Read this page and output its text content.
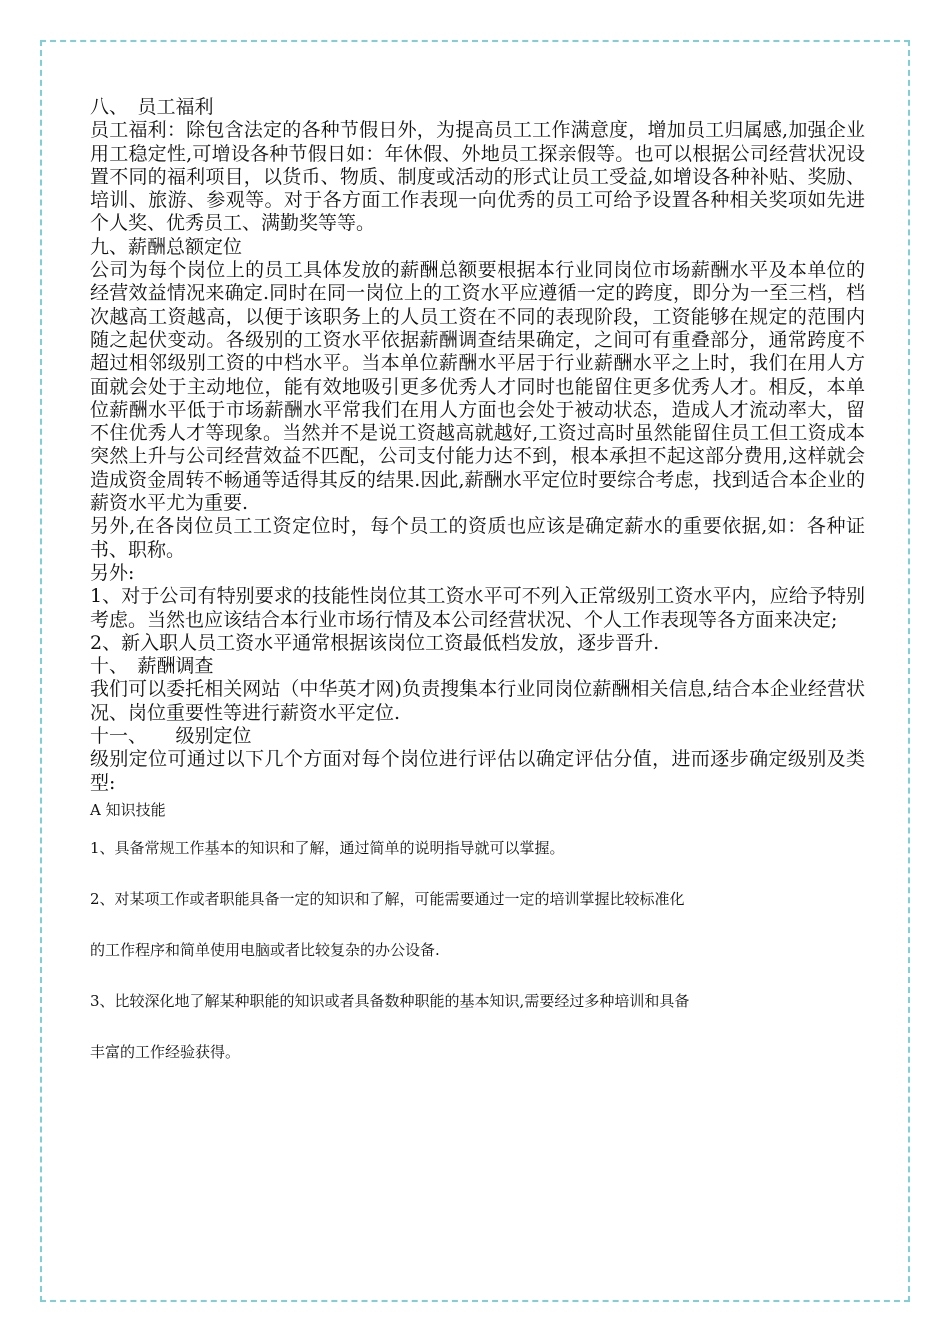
八、　员工福利

员工福利：除包含法定的各种节假日外，为提高员工工作满意度，增加员工归属感,加强企业用工稳定性,可增设各种节假日如：年休假、外地员工探亲假等。也可以根据公司经营状况设置不同的福利项目，以货币、物质、制度或活动的形式让员工受益,如增设各种补贴、奖励、培训、旅游、参观等。对于各方面工作表现一向优秀的员工可给予设置各种相关奖项如先进个人奖、优秀员工、满勤奖等等。

九、薪酬总额定位

公司为每个岗位上的员工具体发放的薪酬总额要根据本行业同岗位市场薪酬水平及本单位的经营效益情况来确定.同时在同一岗位上的工资水平应遵循一定的跨度，即分为一至三档，档次越高工资越高，以便于该职务上的人员工资在不同的表现阶段，工资能够在规定的范围内随之起伏变动。各级别的工资水平依据薪酬调查结果确定，之间可有重叠部分，通常跨度不超过相邻级别工资的中档水平。当本单位薪酬水平居于行业薪酬水平之上时，我们在用人方面就会处于主动地位，能有效地吸引更多优秀人才同时也能留住更多优秀人才。相反，本单位薪酬水平低于市场薪酬水平常我们在用人方面也会处于被动状态，造成人才流动率大，留不住优秀人才等现象。当然并不是说工资越高就越好,工资过高时虽然能留住员工但工资成本突然上升与公司经营效益不匹配，公司支付能力达不到，根本承担不起这部分费用,这样就会造成资金周转不畅通等适得其反的结果.因此,薪酬水平定位时要综合考虑，找到适合本企业的薪资水平尤为重要.

另外,在各岗位员工工资定位时，每个员工的资质也应该是确定薪水的重要依据,如：各种证书、职称。

另外:

1、对于公司有特别要求的技能性岗位其工资水平可不列入正常级别工资水平内，应给予特别考虑。当然也应该结合本行业市场行情及本公司经营状况、个人工作表现等各方面来决定;

2、新入职人员工资水平通常根据该岗位工资最低档发放，逐步晋升.

十、　薪酬调查

我们可以委托相关网站（中华英才网)负责搜集本行业同岗位薪酬相关信息,结合本企业经营状况、岗位重要性等进行薪资水平定位.

十一、　　级别定位

级别定位可通过以下几个方面对每个岗位进行评估以确定评估分值，进而逐步确定级别及类型:

A 知识技能

1、具备常规工作基本的知识和了解，通过简单的说明指导就可以掌握。

2、对某项工作或者职能具备一定的知识和了解，可能需要通过一定的培训掌握比较标准化

的工作程序和简单使用电脑或者比较复杂的办公设备.

3、比较深化地了解某种职能的知识或者具备数种职能的基本知识,需要经过多种培训和具备

丰富的工作经验获得。
